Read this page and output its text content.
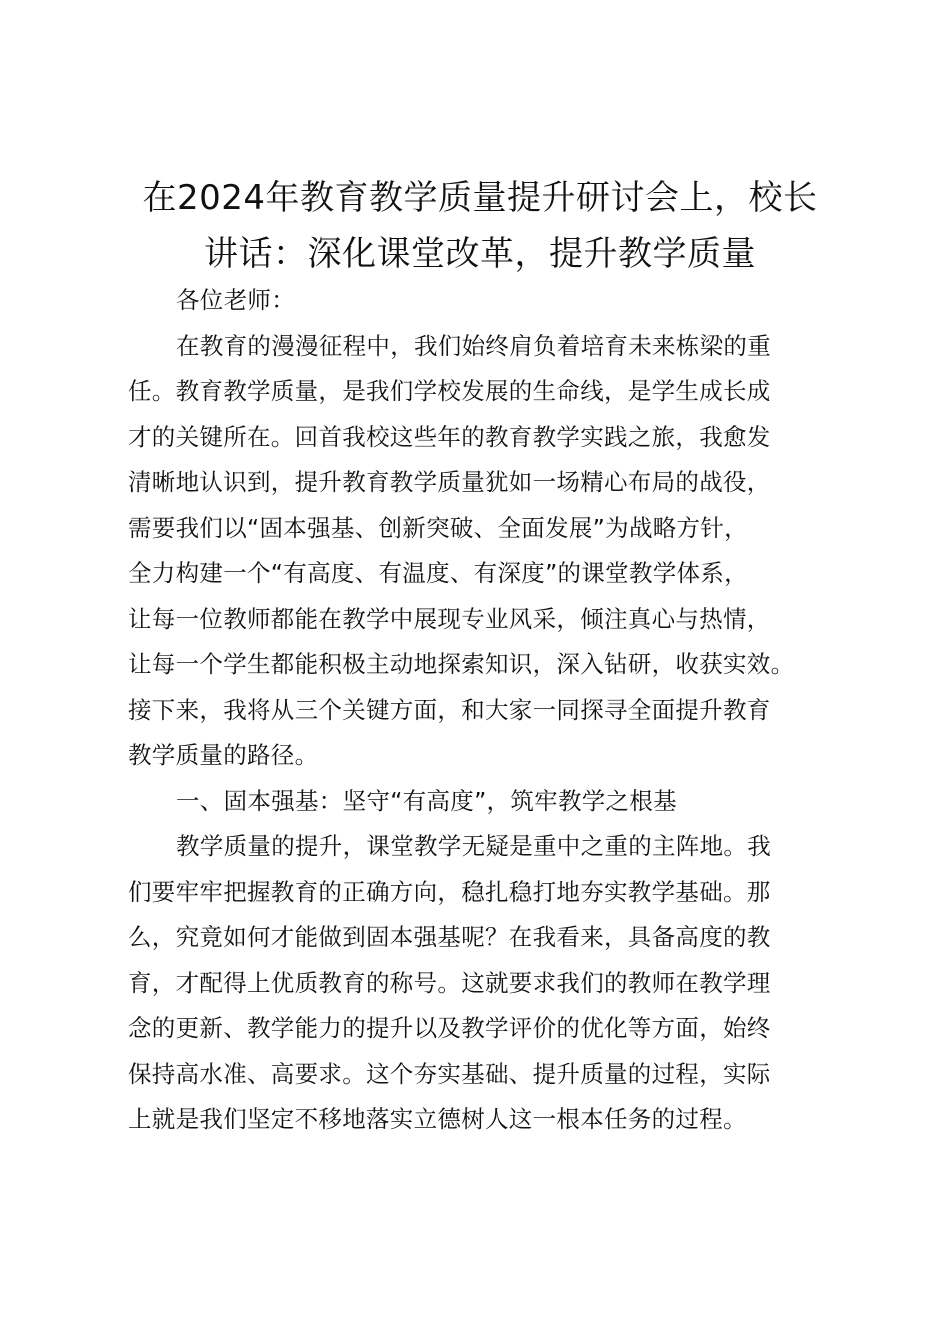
在2024年教育教学质量提升研讨会上，校长
讲话：深化课堂改革，提升教学质量
各位老师：
在教育的漫漫征程中，我们始终肩负着培育未来栋梁的重
任。教育教学质量，是我们学校发展的生命线，是学生成长成
才的关键所在。回首我校这些年的教育教学实践之旅，我愈发
清晰地认识到，提升教育教学质量犹如一场精心布局的战役，
需要我们以“固本强基、创新突破、全面发展”为战略方针，
全力构建一个“有高度、有温度、有深度”的课堂教学体系，
让每一位教师都能在教学中展现专业风采，倾注真心与热情，
让每一个学生都能积极主动地探索知识，深入钻研，收获实效。
接下来，我将从三个关键方面，和大家一同探寻全面提升教育
教学质量的路径。
一、固本强基：坚守“有高度”，筑牢教学之根基
教学质量的提升，课堂教学无疑是重中之重的主阵地。我
们要牢牢把握教育的正确方向，稳扎稳打地夯实教学基础。那
么，究竟如何才能做到固本强基呢？在我看来，具备高度的教
育，才配得上优质教育的称号。这就要求我们的教师在教学理
念的更新、教学能力的提升以及教学评价的优化等方面，始终
保持高水准、高要求。这个夯实基础、提升质量的过程，实际
上就是我们坚定不移地落实立德树人这一根本任务的过程。
